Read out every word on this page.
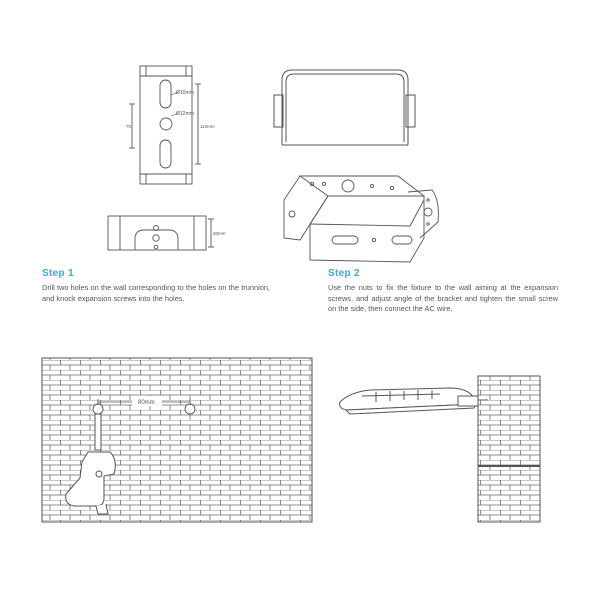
Ø10mm
Ø12mm
70	110mm
30mm
80mm
Step 1
Drill two holes on the wall corresponding to the holes on the trunnion, and knock expansion screws into the holes.
Step 2
Use the nuts to fix the fixture to the wall aiming at the expansion screws, and adjust angle of the bracket and tighten the small screw on the side, then connect the AC wire.
